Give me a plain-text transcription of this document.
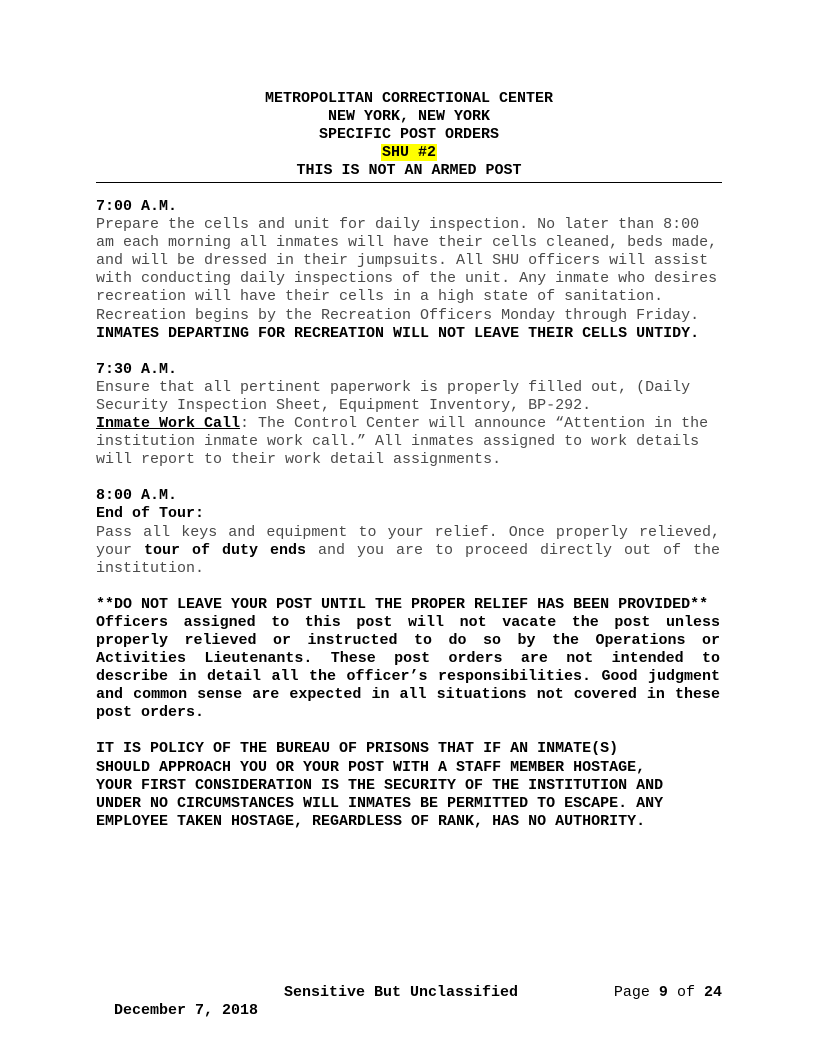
METROPOLITAN CORRECTIONAL CENTER
NEW YORK, NEW YORK
SPECIFIC POST ORDERS
SHU #2
THIS IS NOT AN ARMED POST
7:00 A.M.
Prepare the cells and unit for daily inspection. No later than 8:00 am each morning all inmates will have their cells cleaned, beds made, and will be dressed in their jumpsuits. All SHU officers will assist with conducting daily inspections of the unit. Any inmate who desires recreation will have their cells in a high state of sanitation. Recreation begins by the Recreation Officers Monday through Friday. INMATES DEPARTING FOR RECREATION WILL NOT LEAVE THEIR CELLS UNTIDY.
7:30 A.M.
Ensure that all pertinent paperwork is properly filled out, (Daily Security Inspection Sheet, Equipment Inventory, BP-292.
Inmate Work Call: The Control Center will announce “Attention in the institution inmate work call.” All inmates assigned to work details will report to their work detail assignments.
8:00 A.M.
End of Tour:
Pass all keys and equipment to your relief. Once properly relieved, your tour of duty ends and you are to proceed directly out of the institution.
**DO NOT LEAVE YOUR POST UNTIL THE PROPER RELIEF HAS BEEN PROVIDED**
Officers assigned to this post will not vacate the post unless properly relieved or instructed to do so by the Operations or Activities Lieutenants. These post orders are not intended to describe in detail all the officer’s responsibilities. Good judgment and common sense are expected in all situations not covered in these post orders.
IT IS POLICY OF THE BUREAU OF PRISONS THAT IF AN INMATE(S)
SHOULD APPROACH YOU OR YOUR POST WITH A STAFF MEMBER HOSTAGE,
YOUR FIRST CONSIDERATION IS THE SECURITY OF THE INSTITUTION AND
UNDER NO CIRCUMSTANCES WILL INMATES BE PERMITTED TO ESCAPE. ANY
EMPLOYEE TAKEN HOSTAGE, REGARDLESS OF RANK, HAS NO AUTHORITY.

December 7, 2018

Sensitive But Unclassified

	Page 9 of 24
